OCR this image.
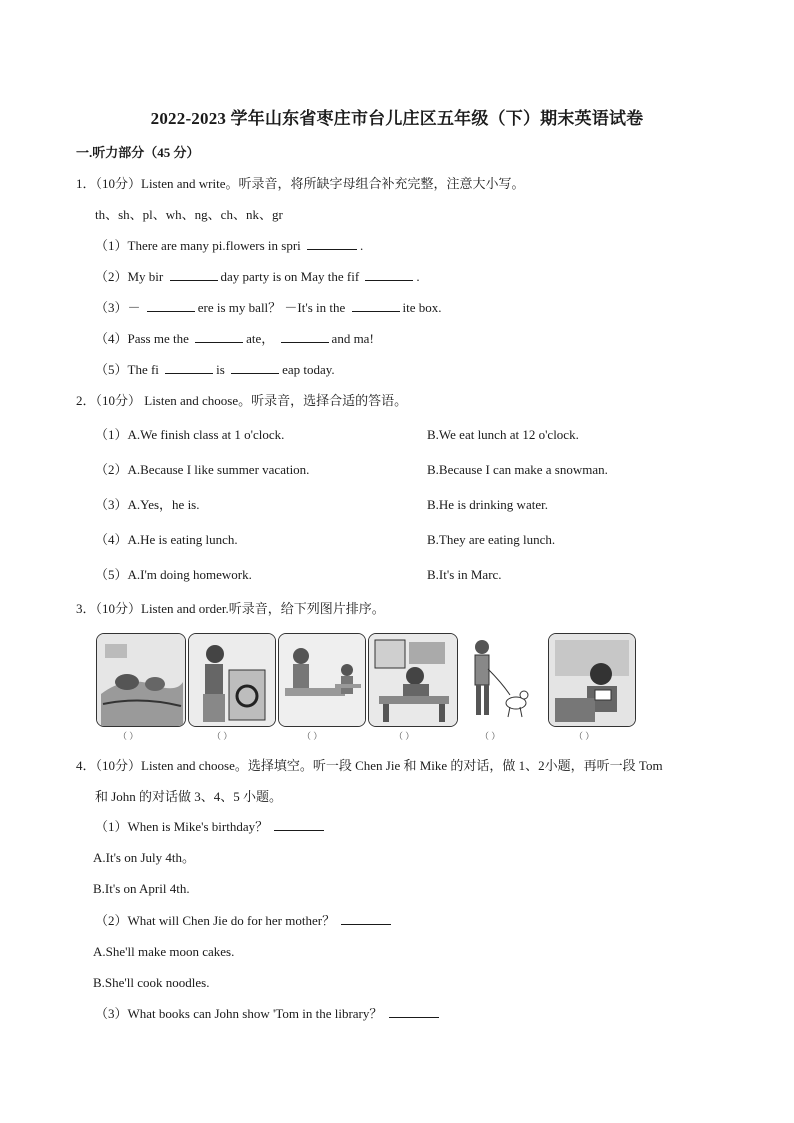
2022-2023 学年山东省枣庄市台儿庄区五年级（下）期末英语试卷
一.听力部分（45 分）
1．（10分）Listen and write。听录音，将所缺字母组合补充完整，注意大小写。
th、sh、pl、wh、ng、ch、nk、gr
（1）There are many pi.flowers in spri	.
（2）My bir	day party is on May the fif	.
（3）－	ere is my ball？ －It's in the	ite box.
（4）Pass me the	ate，	and ma!
（5）The fi	is	eap today.
2．（10分） Listen and choose。听录音，选择合适的答语。
（1）A.We finish class at 1 o'clock.	B.We eat lunch at 12 o'clock.
（2）A.Because I like summer vacation.	B.Because I can make a snowman.
（3）A.Yes，he is.	B.He is drinking water.
（4）A.He is eating lunch.	B.They are eating lunch.
（5）A.I'm doing homework.	B.It's in Marc.
3．（10分）Listen and order.听录音，给下列图片排序。
（ ）	（ ）	（ ）	（ ）	（ ）	（ ）
4．（10分）Listen and choose。选择填空。听一段 Chen Jie 和 Mike 的对话，做 1、2小题，再听一段 Tom
和 John 的对话做 3、4、5 小题。
（1）When is Mike's birthday？
A.It's on July 4th。
B.It's on April 4th.
（2）What will Chen Jie do for her mother？
A.She'll make moon cakes.
B.She'll cook noodles.
（3）What books can John show 'Tom in the library？
